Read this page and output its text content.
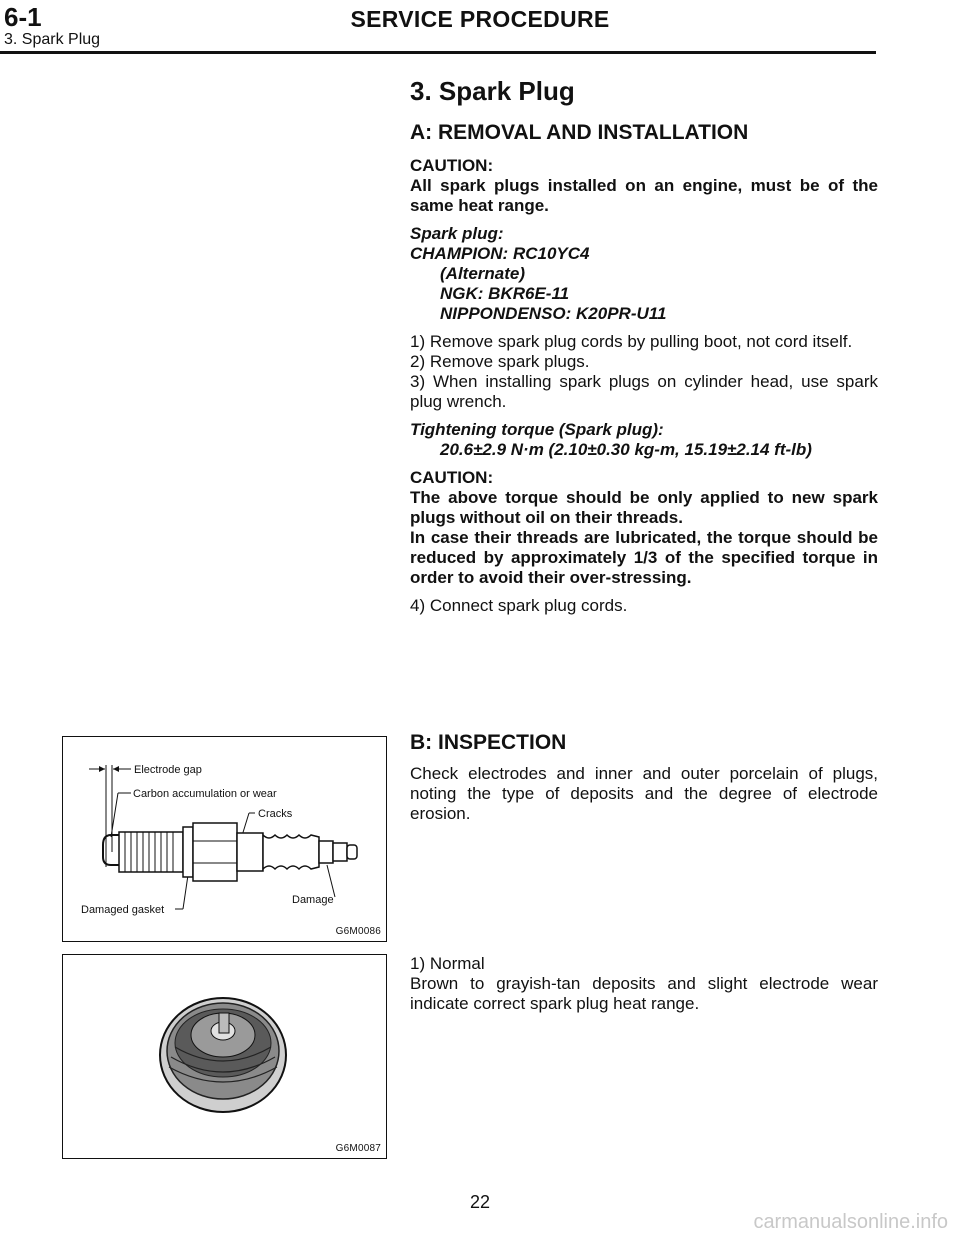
6-1	SERVICE PROCEDURE
3. Spark Plug
3. Spark Plug
A: REMOVAL AND INSTALLATION
CAUTION:
All spark plugs installed on an engine, must be of the same heat range.
Spark plug:
CHAMPION: RC10YC4
(Alternate)
NGK: BKR6E-11
NIPPONDENSO: K20PR-U11
1) Remove spark plug cords by pulling boot, not cord itself.
2) Remove spark plugs.
3) When installing spark plugs on cylinder head, use spark plug wrench.
Tightening torque (Spark plug):
20.6±2.9 N·m (2.10±0.30 kg-m, 15.19±2.14 ft-lb)
CAUTION:
The above torque should be only applied to new spark plugs without oil on their threads.
In case their threads are lubricated, the torque should be reduced by approximately 1/3 of the specified torque in order to avoid their over-stressing.
4) Connect spark plug cords.
B: INSPECTION
Check electrodes and inner and outer porcelain of plugs, noting the type of deposits and the degree of electrode erosion.
1) Normal
Brown to grayish-tan deposits and slight electrode wear indicate correct spark plug heat range.
Electrode gap
Carbon accumulation or wear
Cracks
Damage
Damaged gasket
G6M0086
G6M0087
22
carmanualsonline.info
